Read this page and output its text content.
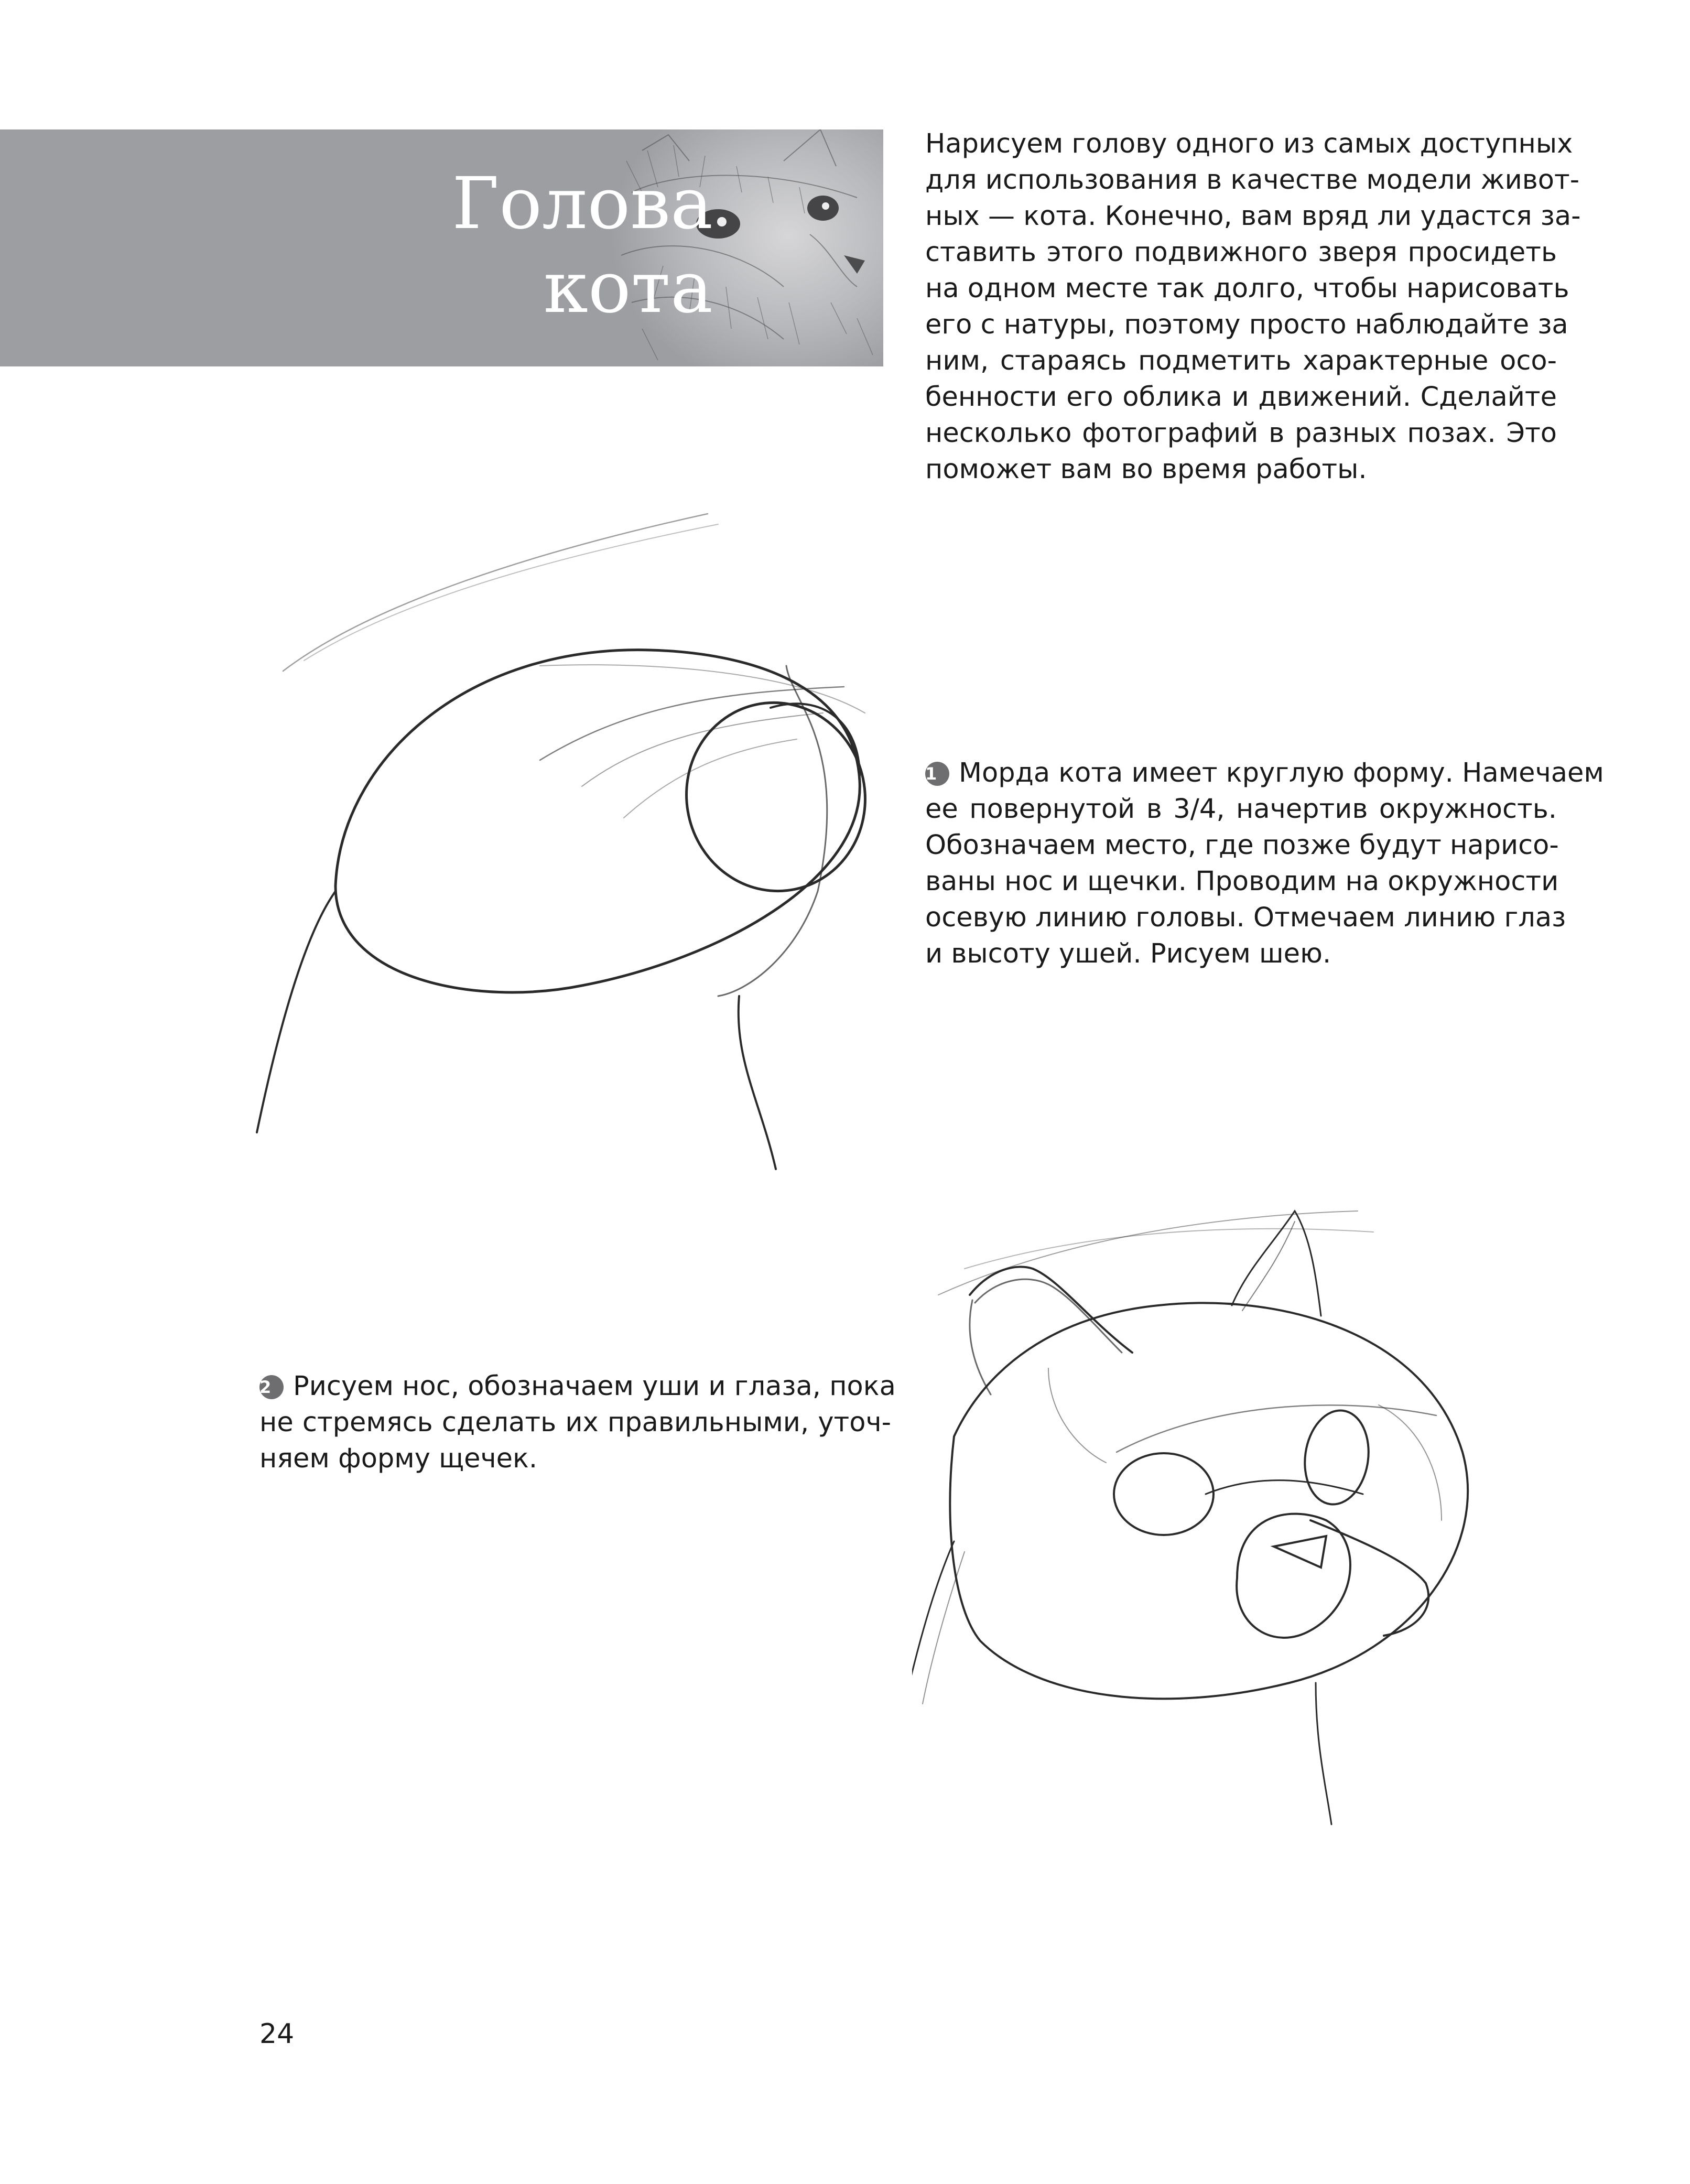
Голова
кота

Нарисуем голову одного из самых доступных
для использования в качестве модели живот-
ных — кота. Конечно, вам вряд ли удастся за-
ставить этого подвижного зверя просидеть
на одном месте так долго, чтобы нарисовать
его с натуры, поэтому просто наблюдайте за
ним, стараясь подметить характерные осо-
бенности его облика и движений. Сделайте
несколько фотографий в разных позах. Это
поможет вам во время работы.

1 Морда кота имеет круглую форму. Намечаем
ее повернутой в 3/4, начертив окружность.
Обозначаем место, где позже будут нарисо-
ваны нос и щечки. Проводим на окружности
осевую линию головы. Отмечаем линию глаз
и высоту ушей. Рисуем шею.

2 Рисуем нос, обозначаем уши и глаза, пока
не стремясь сделать их правильными, уточ-
няем форму щечек.

24
